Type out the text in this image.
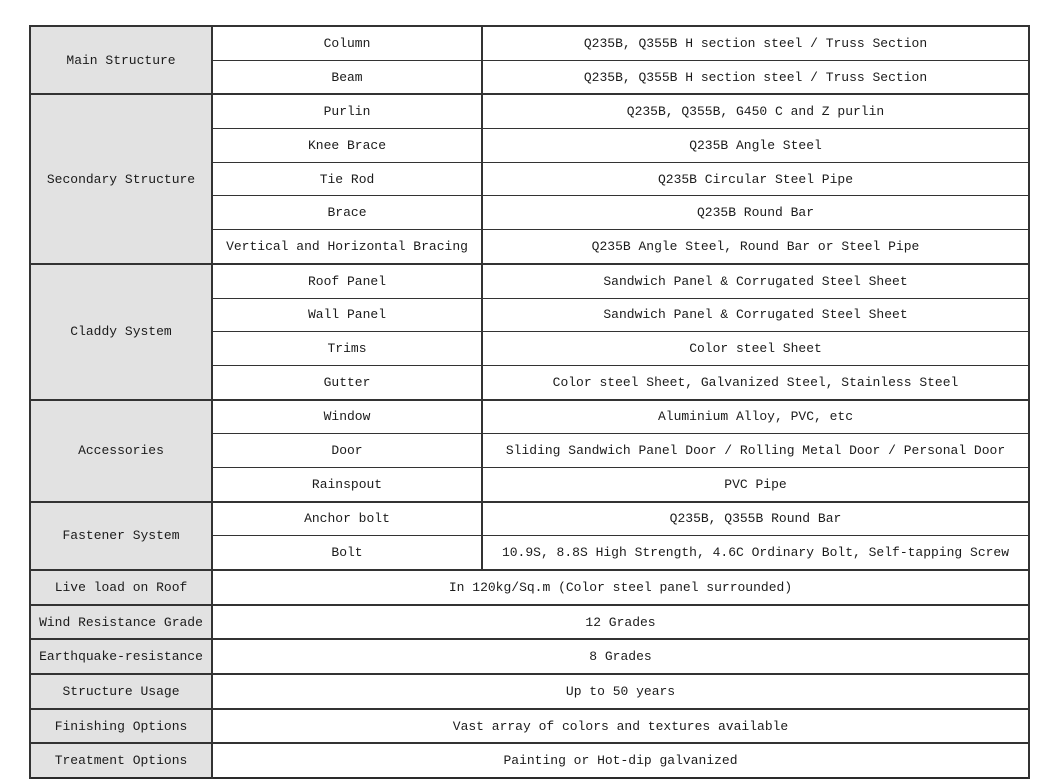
Main Structure	Column	Q235B, Q355B H section steel / Truss Section
	Beam	Q235B, Q355B H section steel / Truss Section
Secondary Structure	Purlin	Q235B, Q355B, G450 C and Z purlin
	Knee Brace	Q235B Angle Steel
	Tie Rod	Q235B Circular Steel Pipe
	Brace	Q235B Round Bar
	Vertical and Horizontal Bracing	Q235B Angle Steel, Round Bar or Steel Pipe
Claddy System	Roof Panel	Sandwich Panel & Corrugated Steel Sheet
	Wall Panel	Sandwich Panel & Corrugated Steel Sheet
	Trims	Color steel Sheet
	Gutter	Color steel Sheet, Galvanized Steel, Stainless Steel
Accessories	Window	Aluminium Alloy, PVC, etc
	Door	Sliding Sandwich Panel Door / Rolling Metal Door / Personal Door
	Rainspout	PVC Pipe
Fastener System	Anchor bolt	Q235B, Q355B Round Bar
	Bolt	10.9S, 8.8S High Strength, 4.6C Ordinary Bolt, Self-tapping Screw
Live load on Roof	In 120kg/Sq.m (Color steel panel surrounded)	
Wind Resistance Grade	12 Grades	
Earthquake-resistance	8 Grades	
Structure Usage	Up to 50 years	
Finishing Options	Vast array of colors and textures available	
Treatment Options	Painting or Hot-dip galvanized	
